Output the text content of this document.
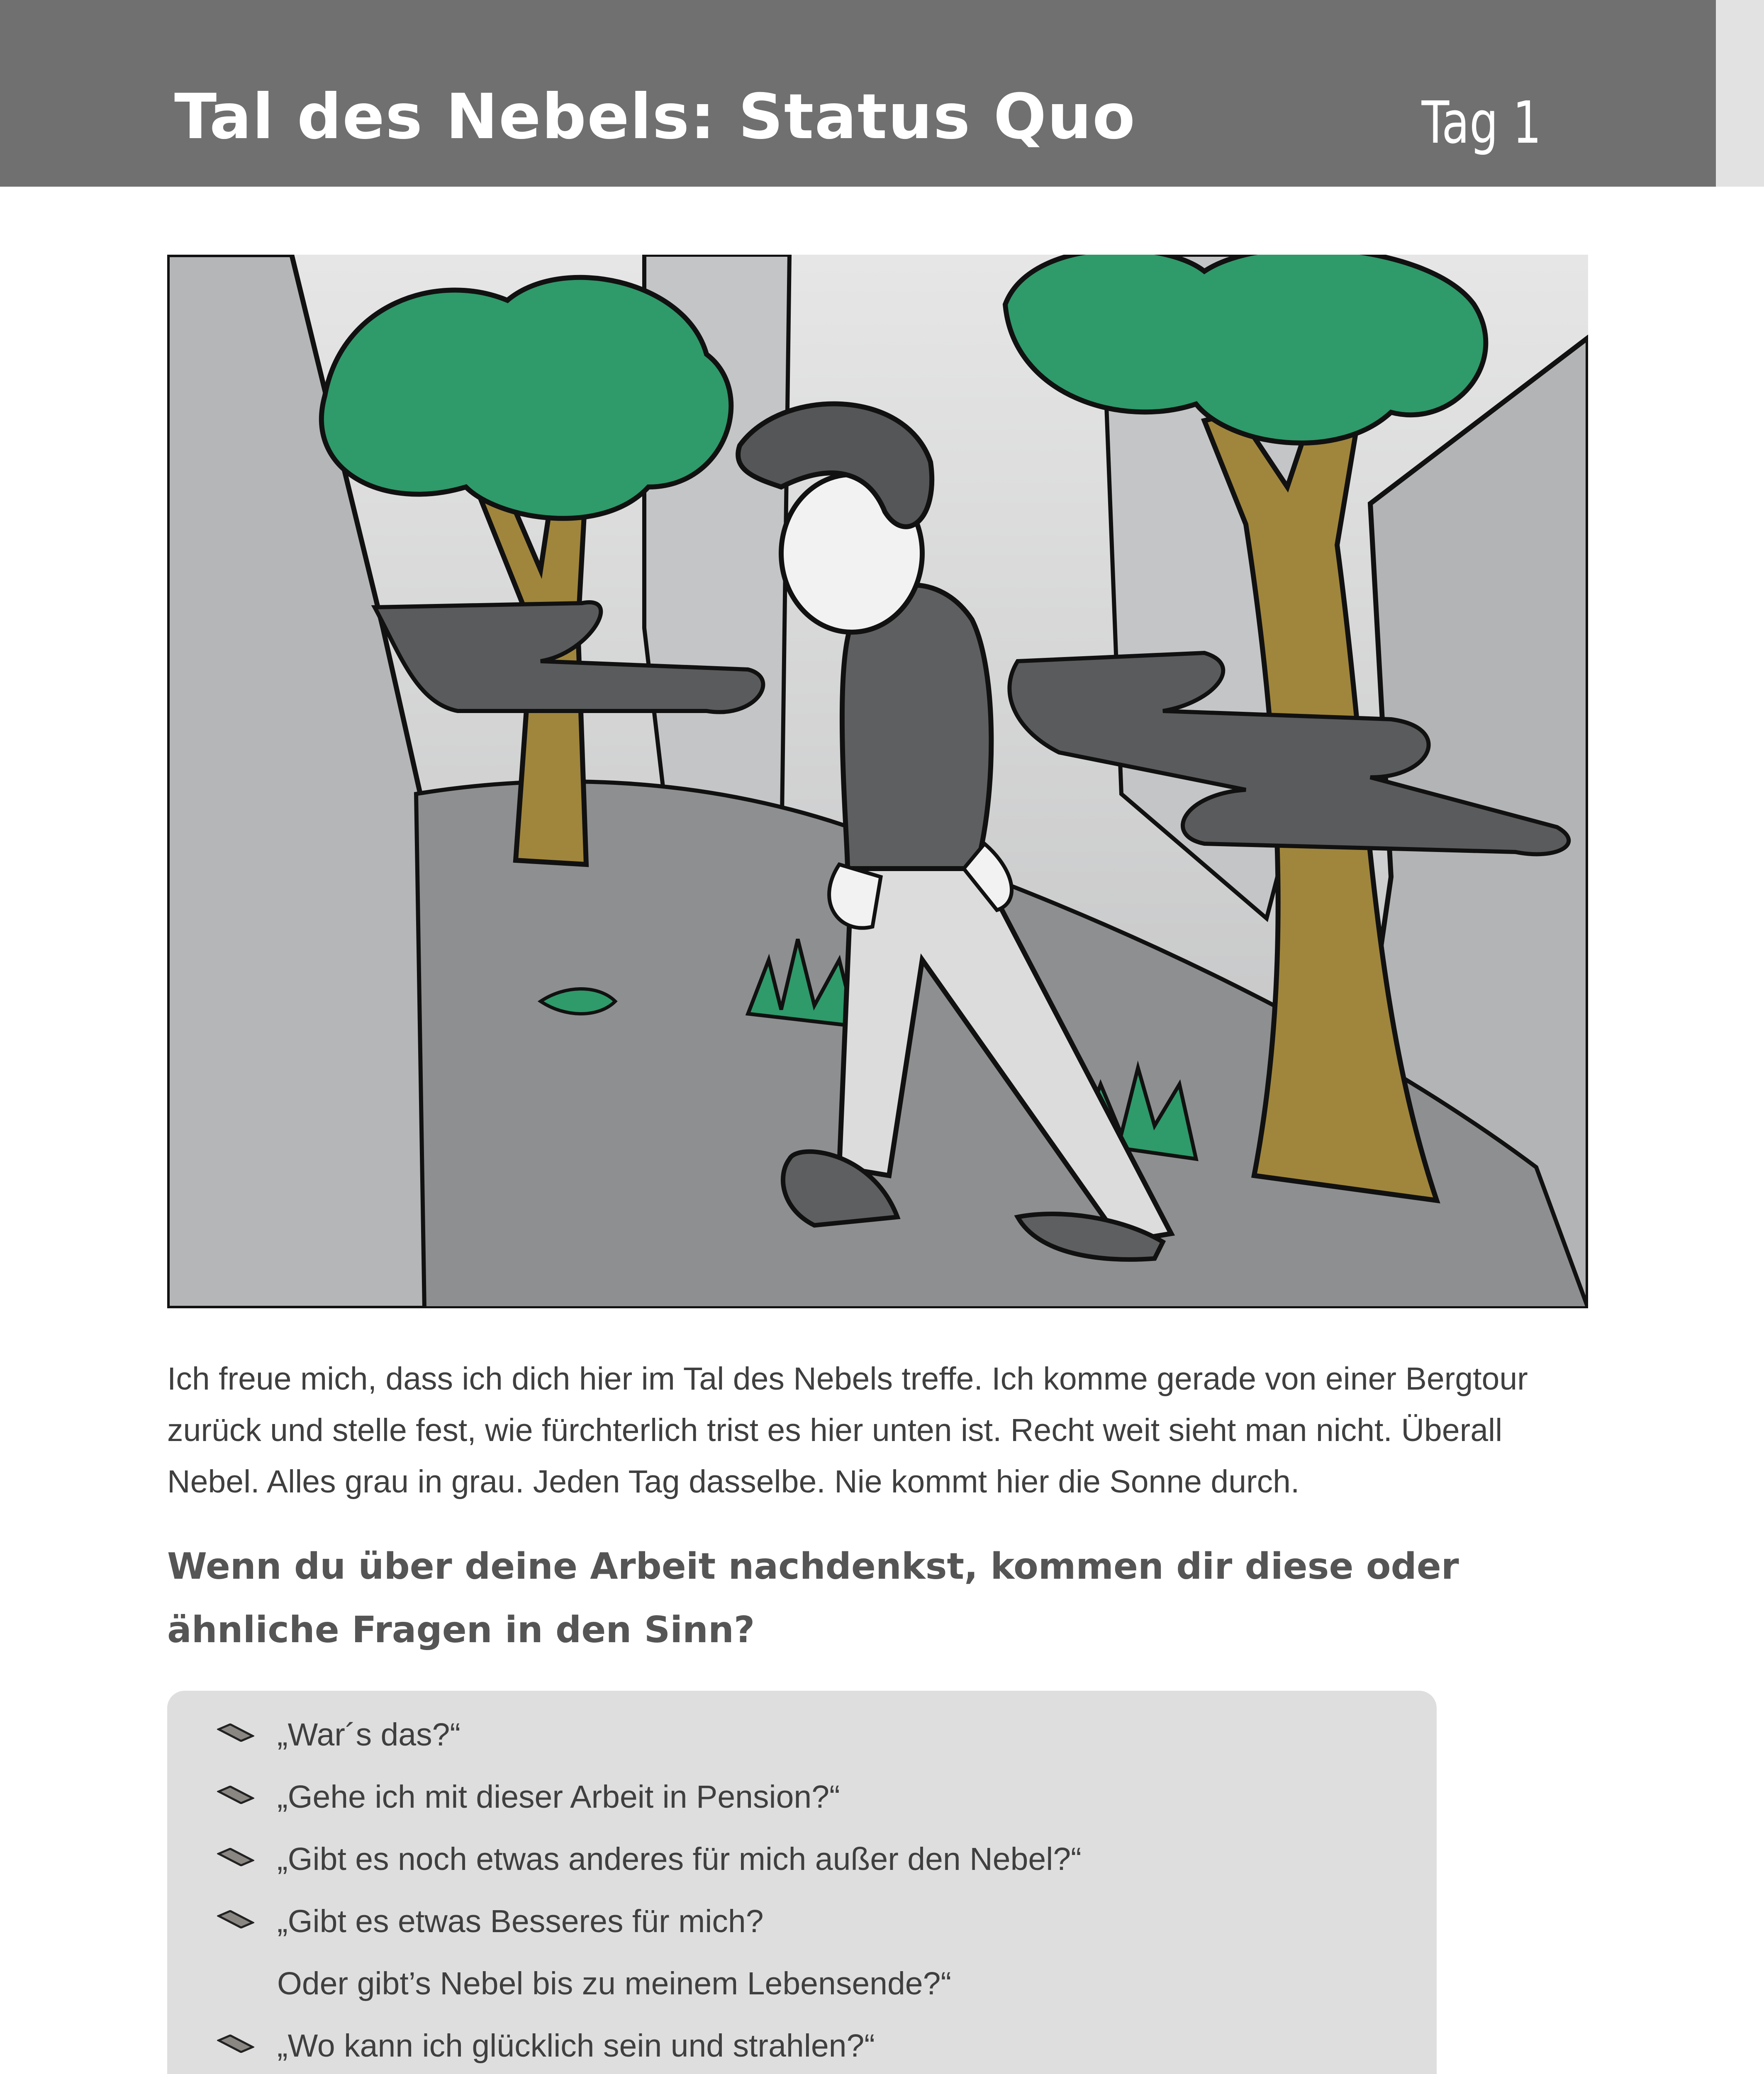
Tal des Nebels: Status Quo	Tag 1
Ich freue mich, dass ich dich hier im Tal des Nebels treffe. Ich komme gerade von einer Bergtour
zurück und stelle fest, wie fürchterlich trist es hier unten ist. Recht weit sieht man nicht. Überall
Nebel. Alles grau in grau. Jeden Tag dasselbe. Nie kommt hier die Sonne durch.
Wenn du über deine Arbeit nachdenkst, kommen dir diese oder
ähnliche Fragen in den Sinn?
„War´s das?“
„Gehe ich mit dieser Arbeit in Pension?“
„Gibt es noch etwas anderes für mich außer den Nebel?“
„Gibt es etwas Besseres für mich?
Oder gibt’s Nebel bis zu meinem Lebensende?“
„Wo kann ich glücklich sein und strahlen?“
